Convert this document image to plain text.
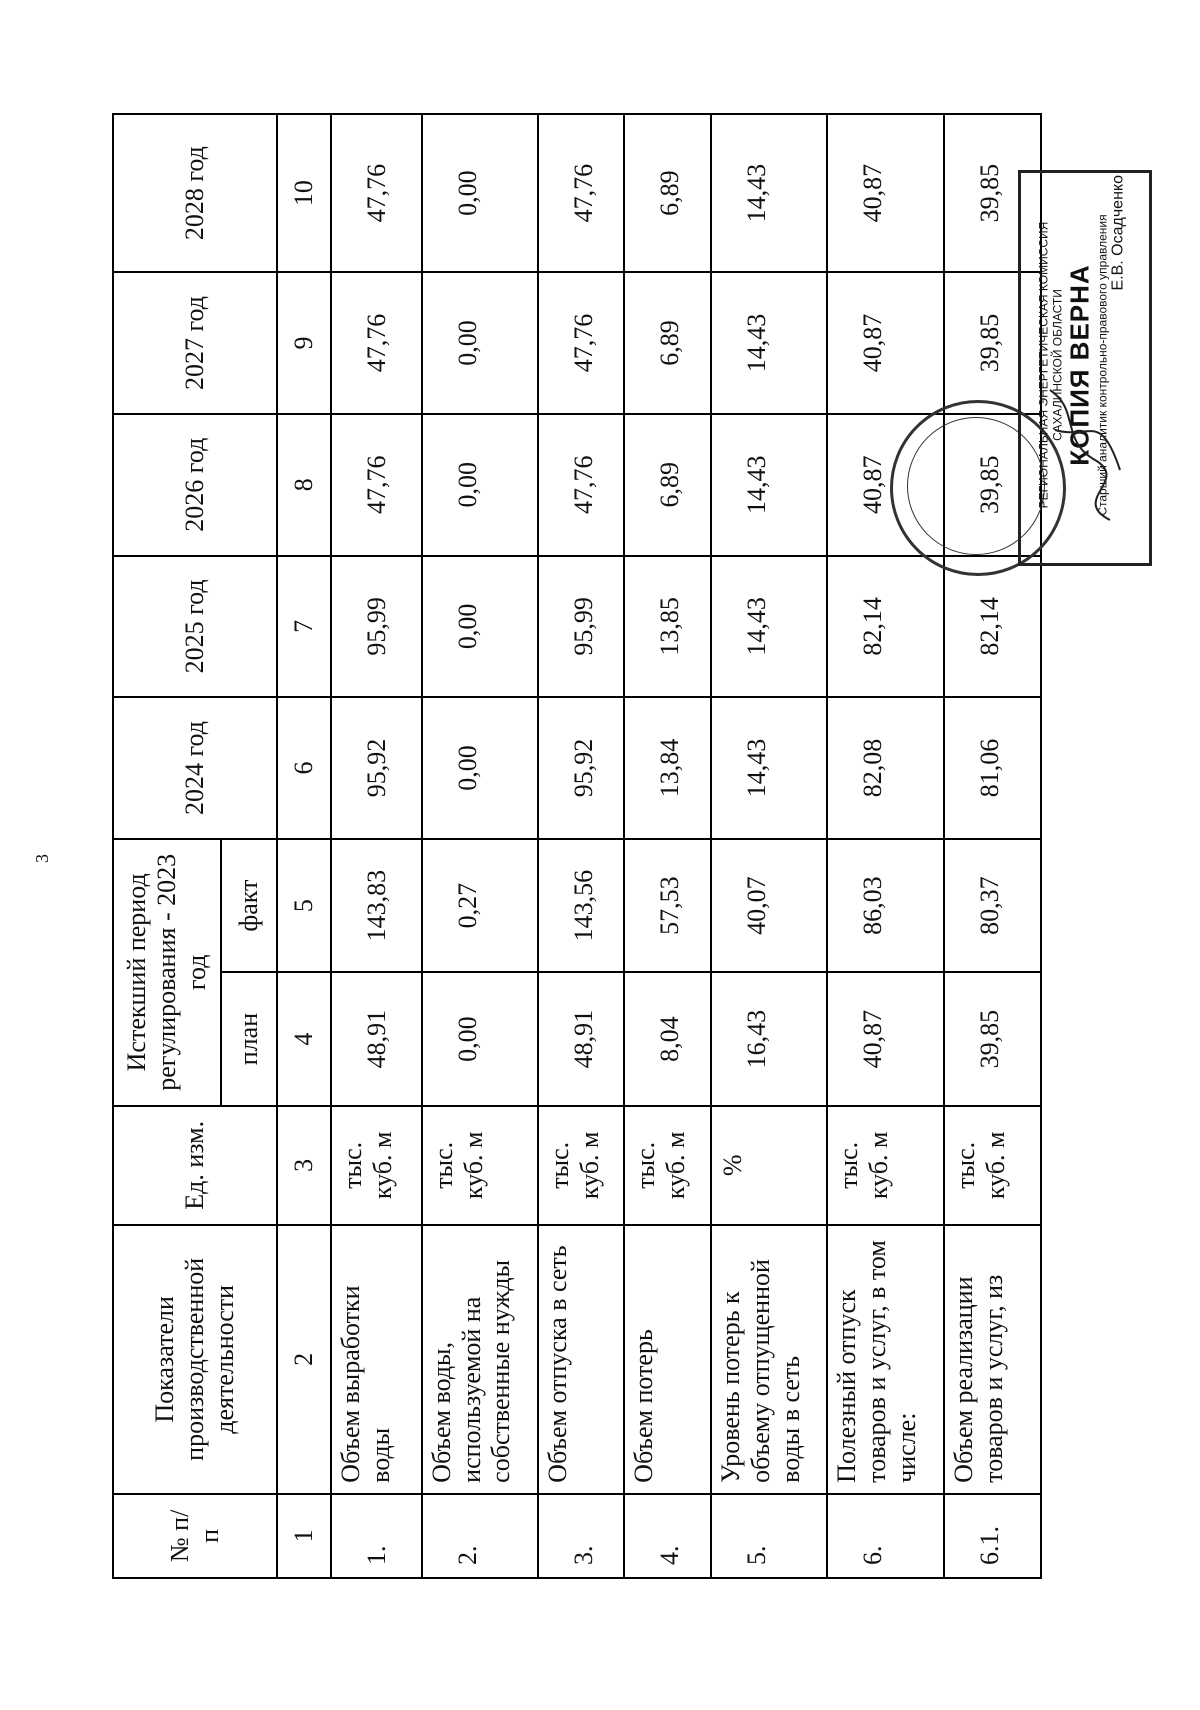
3
№ п/п	Показатели производственной деятельности	Ед. изм.	Истекший период регулирования - 2023 год		2024 год	2025 год	2026 год	2027 год	2028 год
			план	факт					
1	2	3	4	5	6	7	8	9	10
1.	Объем выработки воды	тыс. куб. м	48,91	143,83	95,92	95,99	47,76	47,76	47,76
2.	Объем воды, используемой на собственные нужды	тыс. куб. м	0,00	0,27	0,00	0,00	0,00	0,00	0,00
3.	Объем отпуска в сеть	тыс. куб. м	48,91	143,56	95,92	95,99	47,76	47,76	47,76
4.	Объем потерь	тыс. куб. м	8,04	57,53	13,84	13,85	6,89	6,89	6,89
5.	Уровень потерь к объему отпущенной воды в сеть	%	16,43	40,07	14,43	14,43	14,43	14,43	14,43
6.	Полезный отпуск товаров и услуг, в том числе:	тыс. куб. м	40,87	86,03	82,08	82,14	40,87	40,87	40,87
6.1.	Объем реализации товаров и услуг, из	тыс. куб. м	39,85	80,37	81,06	82,14	39,85	39,85	39,85
РЕГИОНАЛЬНАЯ ЭНЕРГЕТИЧЕСКАЯ КОМИССИЯ САХАЛИНСКОЙ ОБЛАСТИ КОПИЯ ВЕРНА Старший аналитик контрольно-правового управления Е.В. Осадченко
